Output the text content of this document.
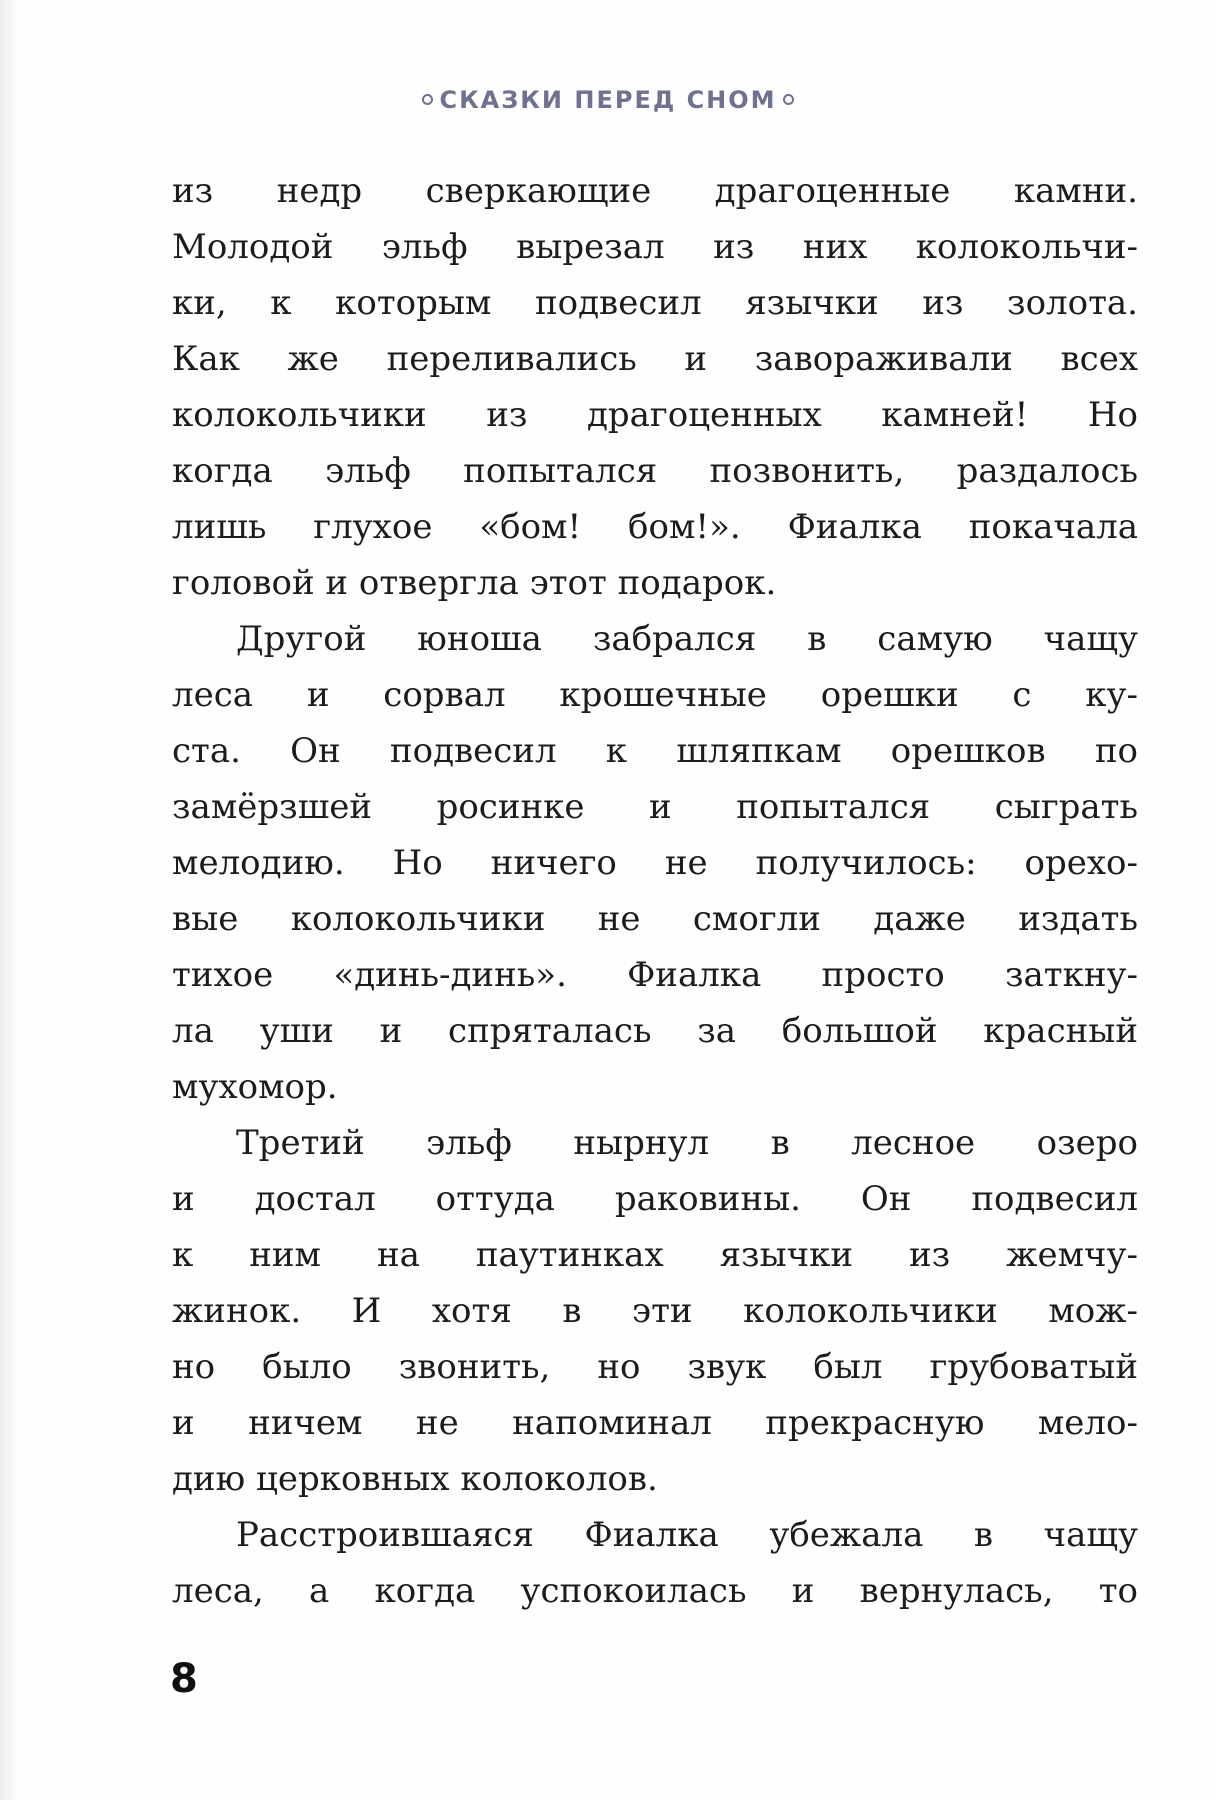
СКАЗКИ ПЕРЕД СНОМ
из недр сверкающие драгоценные камни.
Молодой эльф вырезал из них колокольчи-
ки, к которым подвесил язычки из золота.
Как же переливались и завораживали всех
колокольчики из драгоценных камней! Но
когда эльф попытался позвонить, раздалось
лишь глухое «бом! бом!». Фиалка покачала
головой и отвергла этот подарок.
Другой юноша забрался в самую чащу
леса и сорвал крошечные орешки с ку-
ста. Он подвесил к шляпкам орешков по
замёрзшей росинке и попытался сыграть
мелодию. Но ничего не получилось: орехо-
вые колокольчики не смогли даже издать
тихое «динь-динь». Фиалка просто заткну-
ла уши и спряталась за большой красный
мухомор.
Третий эльф нырнул в лесное озеро
и достал оттуда раковины. Он подвесил
к ним на паутинках язычки из жемчу-
жинок. И хотя в эти колокольчики мож-
но было звонить, но звук был грубоватый
и ничем не напоминал прекрасную мело-
дию церковных колоколов.
Расстроившаяся Фиалка убежала в чащу
леса, а когда успокоилась и вернулась, то
8
